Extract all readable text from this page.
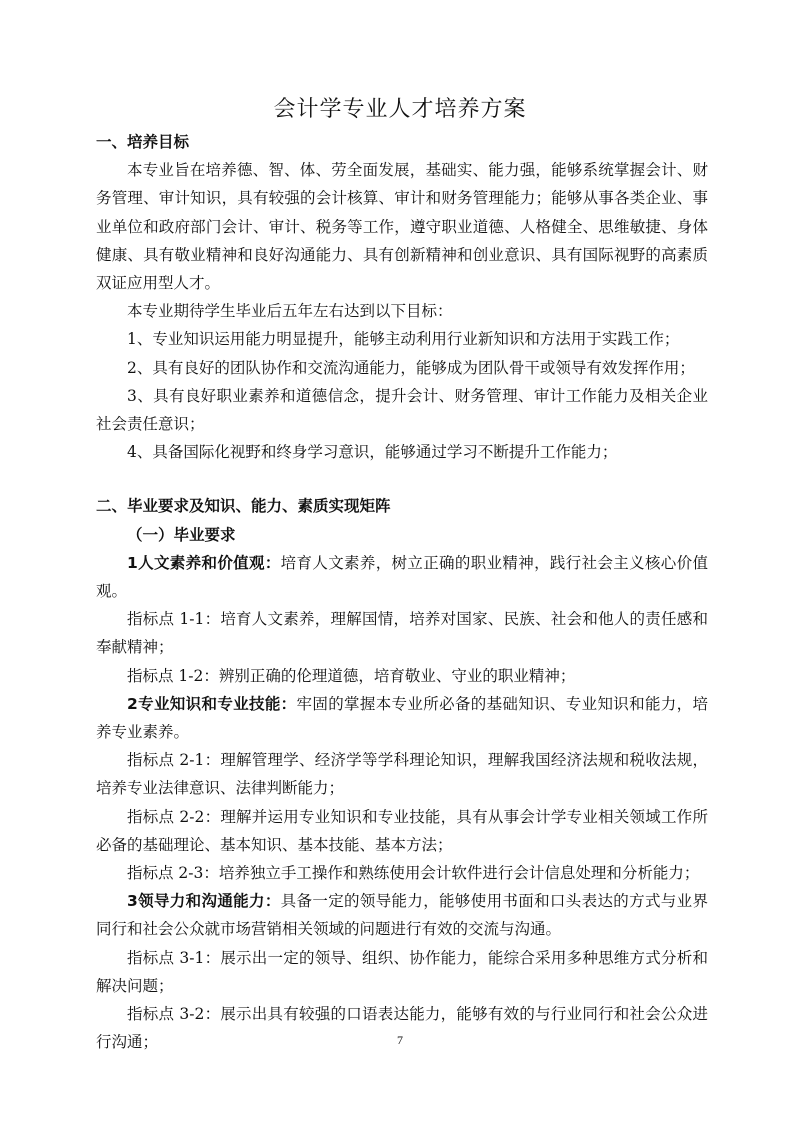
会计学专业人才培养方案

一、培养目标

本专业旨在培养德、智、体、劳全面发展，基础实、能力强，能够系统掌握会计、财务管理、审计知识，具有较强的会计核算、审计和财务管理能力；能够从事各类企业、事业单位和政府部门会计、审计、税务等工作，遵守职业道德、人格健全、思维敏捷、身体健康、具有敬业精神和良好沟通能力、具有创新精神和创业意识、具有国际视野的高素质双证应用型人才。

本专业期待学生毕业后五年左右达到以下目标：

1、专业知识运用能力明显提升，能够主动利用行业新知识和方法用于实践工作；

2、具有良好的团队协作和交流沟通能力，能够成为团队骨干或领导有效发挥作用；

3、具有良好职业素养和道德信念，提升会计、财务管理、审计工作能力及相关企业社会责任意识；

4、具备国际化视野和终身学习意识，能够通过学习不断提升工作能力；

二、毕业要求及知识、能力、素质实现矩阵

（一）毕业要求

1人文素养和价值观：培育人文素养，树立正确的职业精神，践行社会主义核心价值观。

指标点 1-1：培育人文素养，理解国情，培养对国家、民族、社会和他人的责任感和奉献精神；

指标点 1-2：辨别正确的伦理道德，培育敬业、守业的职业精神；

2专业知识和专业技能：牢固的掌握本专业所必备的基础知识、专业知识和能力，培养专业素养。

指标点 2-1：理解管理学、经济学等学科理论知识，理解我国经济法规和税收法规，培养专业法律意识、法律判断能力；

指标点 2-2：理解并运用专业知识和专业技能，具有从事会计学专业相关领域工作所必备的基础理论、基本知识、基本技能、基本方法；

指标点 2-3：培养独立手工操作和熟练使用会计软件进行会计信息处理和分析能力；

3领导力和沟通能力：具备一定的领导能力，能够使用书面和口头表达的方式与业界同行和社会公众就市场营销相关领域的问题进行有效的交流与沟通。

指标点 3-1：展示出一定的领导、组织、协作能力，能综合采用多种思维方式分析和解决问题；

指标点 3-2：展示出具有较强的口语表达能力，能够有效的与行业同行和社会公众进行沟通；	7
